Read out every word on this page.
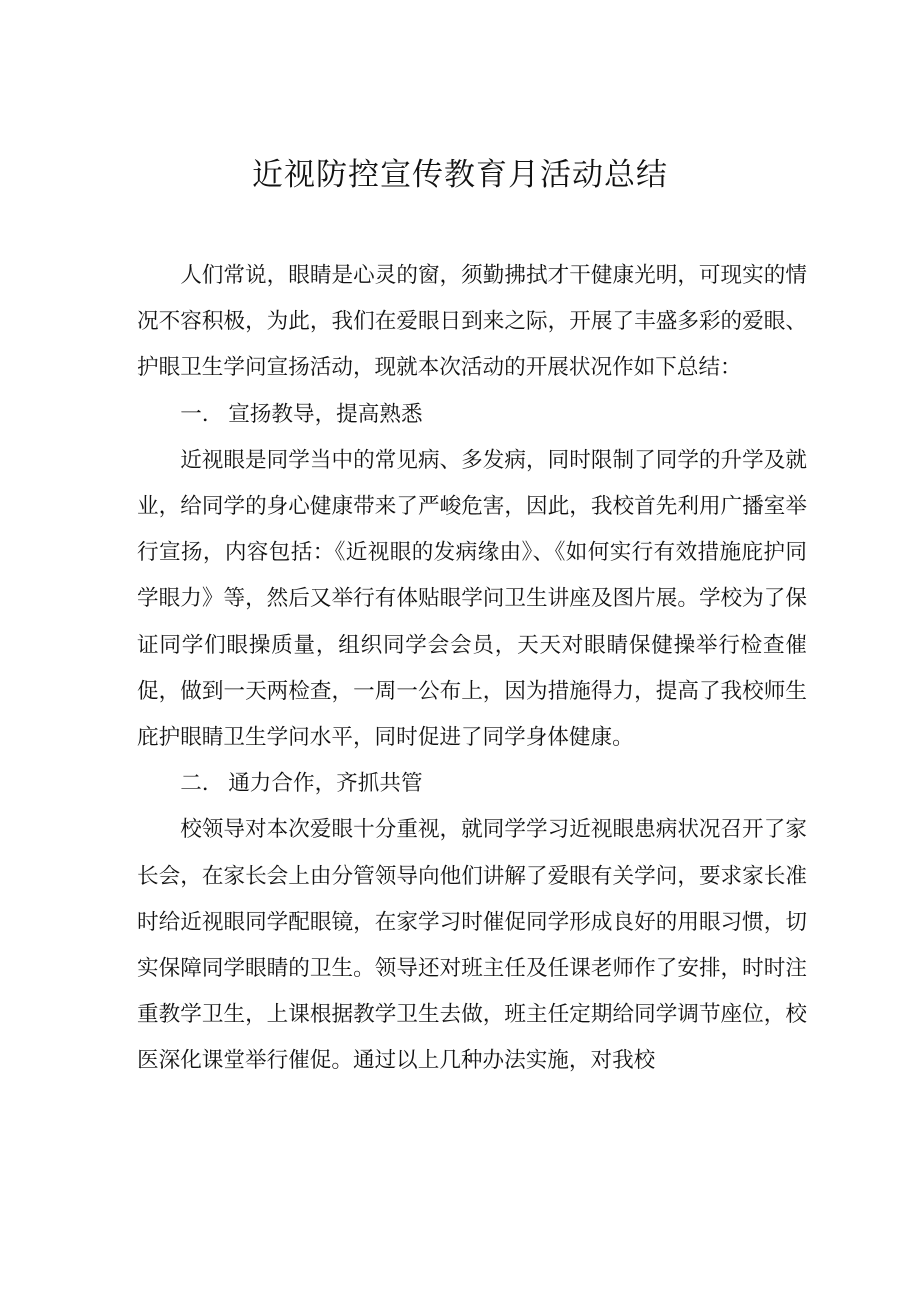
近视防控宣传教育月活动总结

人们常说，眼睛是心灵的窗，须勤拂拭才干健康光明，可现实的情况不容积极，为此，我们在爱眼日到来之际，开展了丰盛多彩的爱眼、护眼卫生学问宣扬活动，现就本次活动的开展状况作如下总结：

一. 宣扬教导，提高熟悉

近视眼是同学当中的常见病、多发病，同时限制了同学的升学及就业，给同学的身心健康带来了严峻危害，因此，我校首先利用广播室举行宣扬，内容包括：《近视眼的发病缘由》、《如何实行有效措施庇护同学眼力》等，然后又举行有体贴眼学问卫生讲座及图片展。学校为了保证同学们眼操质量，组织同学会会员，天天对眼睛保健操举行检查催促，做到一天两检查，一周一公布上，因为措施得力，提高了我校师生庇护眼睛卫生学问水平，同时促进了同学身体健康。

二. 通力合作，齐抓共管

校领导对本次爱眼十分重视，就同学学习近视眼患病状况召开了家长会，在家长会上由分管领导向他们讲解了爱眼有关学问，要求家长准时给近视眼同学配眼镜，在家学习时催促同学形成良好的用眼习惯，切实保障同学眼睛的卫生。领导还对班主任及任课老师作了安排，时时注重教学卫生，上课根据教学卫生去做，班主任定期给同学调节座位，校医深化课堂举行催促。通过以上几种办法实施，对我校
